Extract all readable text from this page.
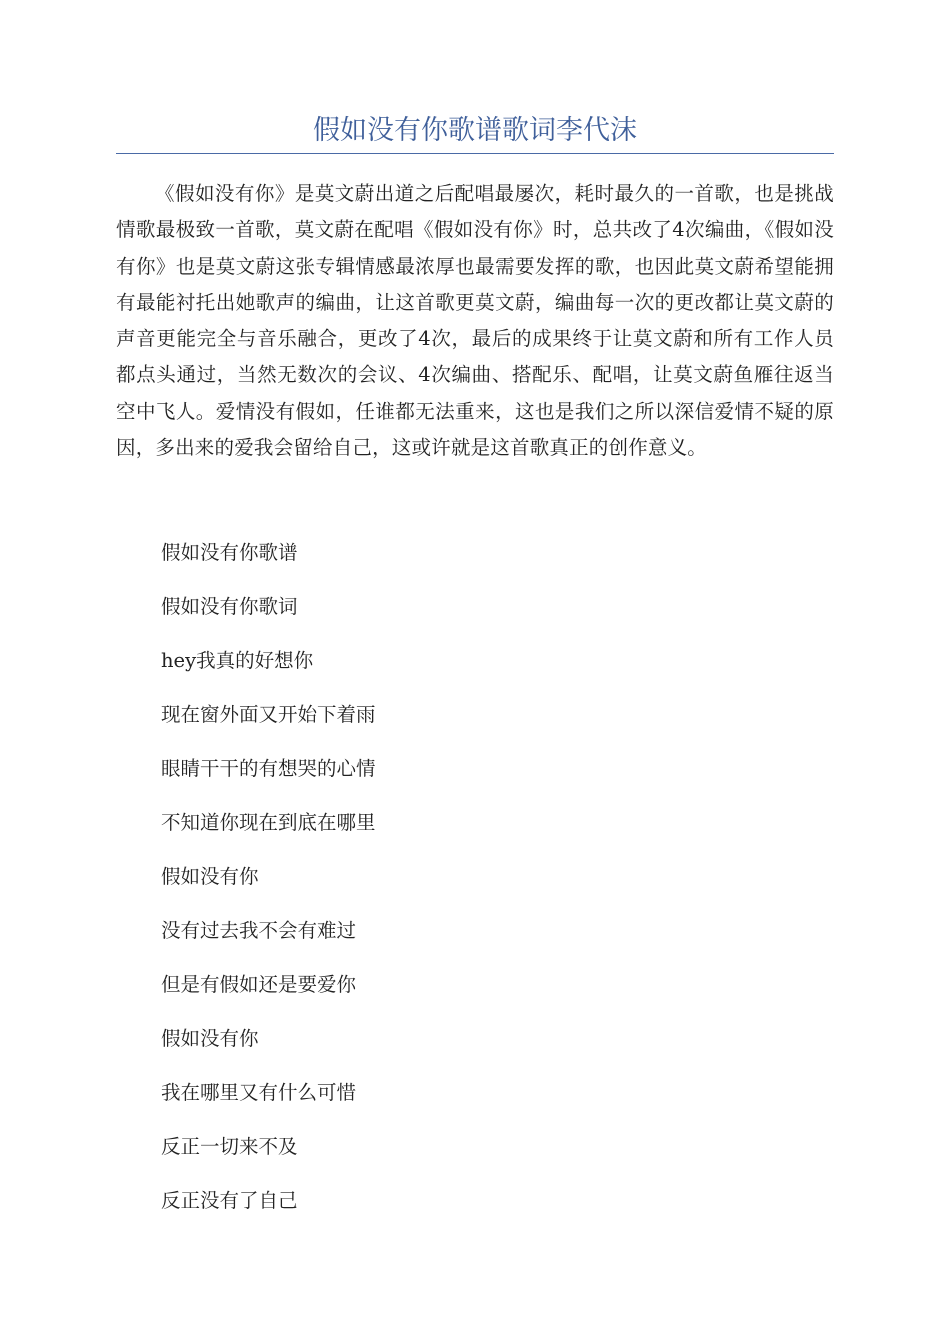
假如没有你歌谱歌词李代沫

《假如没有你》是莫文蔚出道之后配唱最屡次，耗时最久的一首歌，也是挑战情歌最极致一首歌，莫文蔚在配唱《假如没有你》时，总共改了4次编曲，《假如没有你》也是莫文蔚这张专辑情感最浓厚也最需要发挥的歌，也因此莫文蔚希望能拥有最能衬托出她歌声的编曲，让这首歌更莫文蔚，编曲每一次的更改都让莫文蔚的声音更能完全与音乐融合，更改了4次，最后的成果终于让莫文蔚和所有工作人员都点头通过，当然无数次的会议、4次编曲、搭配乐、配唱，让莫文蔚鱼雁往返当空中飞人。爱情没有假如，任谁都无法重来，这也是我们之所以深信爱情不疑的原因，多出来的爱我会留给自己，这或许就是这首歌真正的创作意义。

假如没有你歌谱
假如没有你歌词
hey我真的好想你
现在窗外面又开始下着雨
眼睛干干的有想哭的心情
不知道你现在到底在哪里
假如没有你
没有过去我不会有难过
但是有假如还是要爱你
假如没有你
我在哪里又有什么可惜
反正一切来不及
反正没有了自己
